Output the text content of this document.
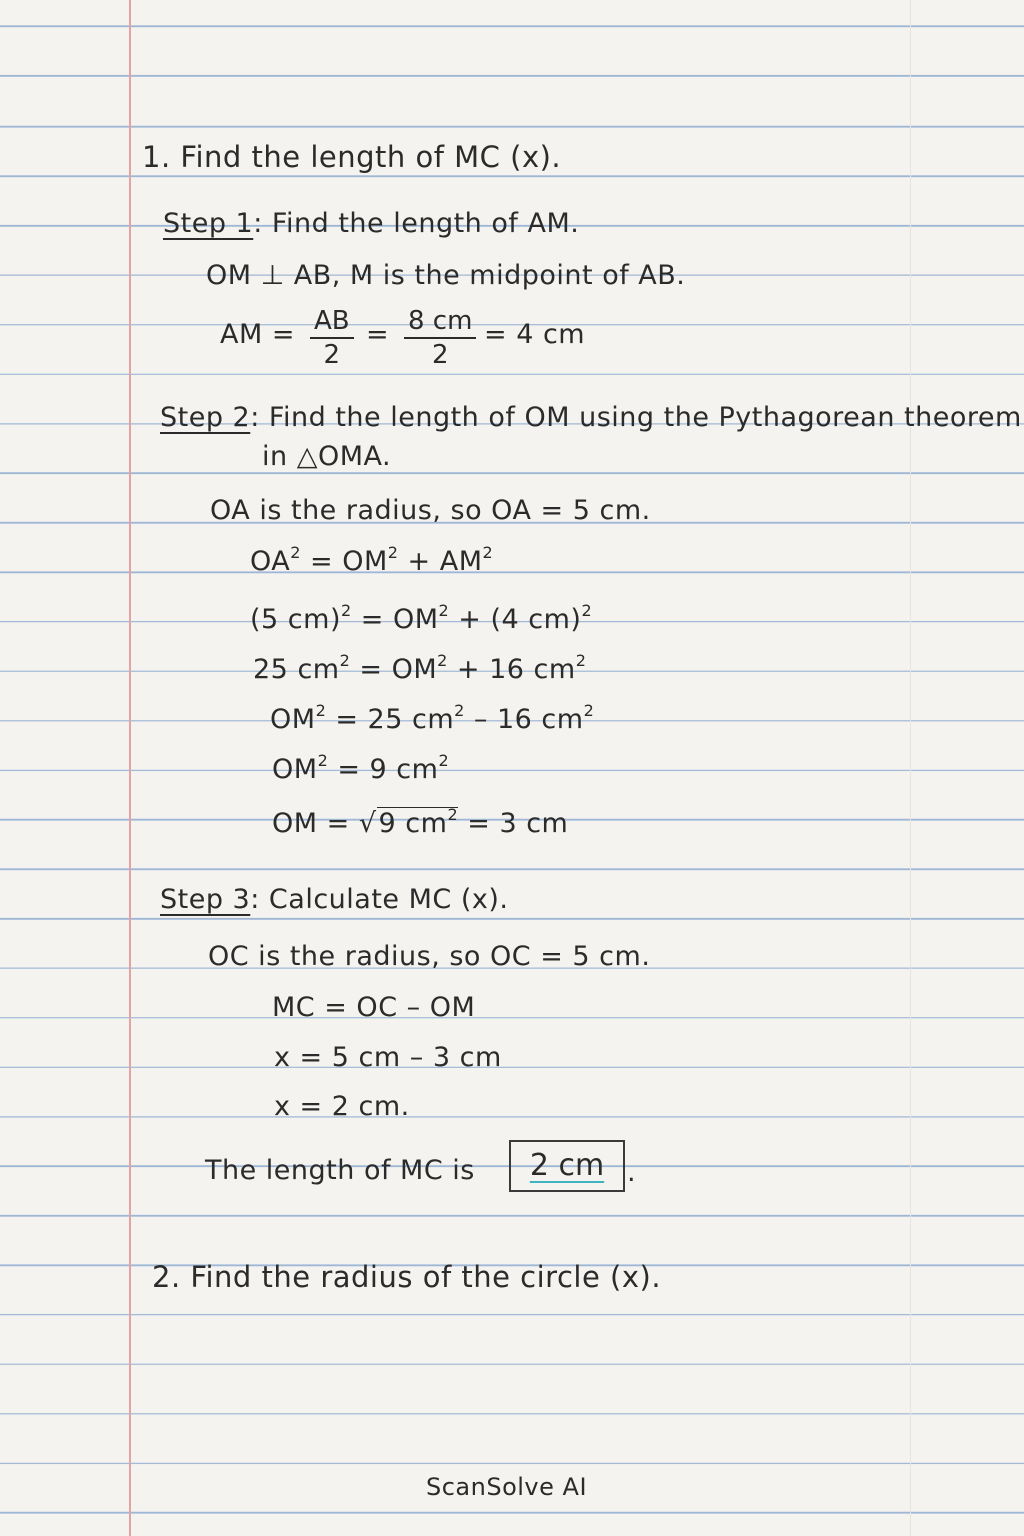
1. Find the length of MC (x).
Step 1: Find the length of AM.
OM ⊥ AB, M is the midpoint of AB.
AM = $\frac{AB}{2} = \frac{8 cm}{2} = 4$ cm
Step 2: Find the length of OM using the Pythagorean theorem
in △OMA.
OA is the radius, so OA = 5 cm.
$OA^2 = OM^2 + AM^2$
(5 $cm)^2 = OM^2 + (4$ cm)$^2$
25 $cm^2 = OM^2 + 16$ $cm^2$
$OM^2 = 25$ $cm^2 - 16$ $cm^2$
$OM^2 = 9$ $cm^2$
OM = √9 $cm^2 = 3$ cm
Step 3: Calculate MC (x).
OC is the radius, so OC = 5 cm.
MC = OC – OM
x = 5 cm – 3 cm
x = 2 cm.
The length of MC is	2 cm .
2. Find the radius of the circle (x).
ScanSolve AI
